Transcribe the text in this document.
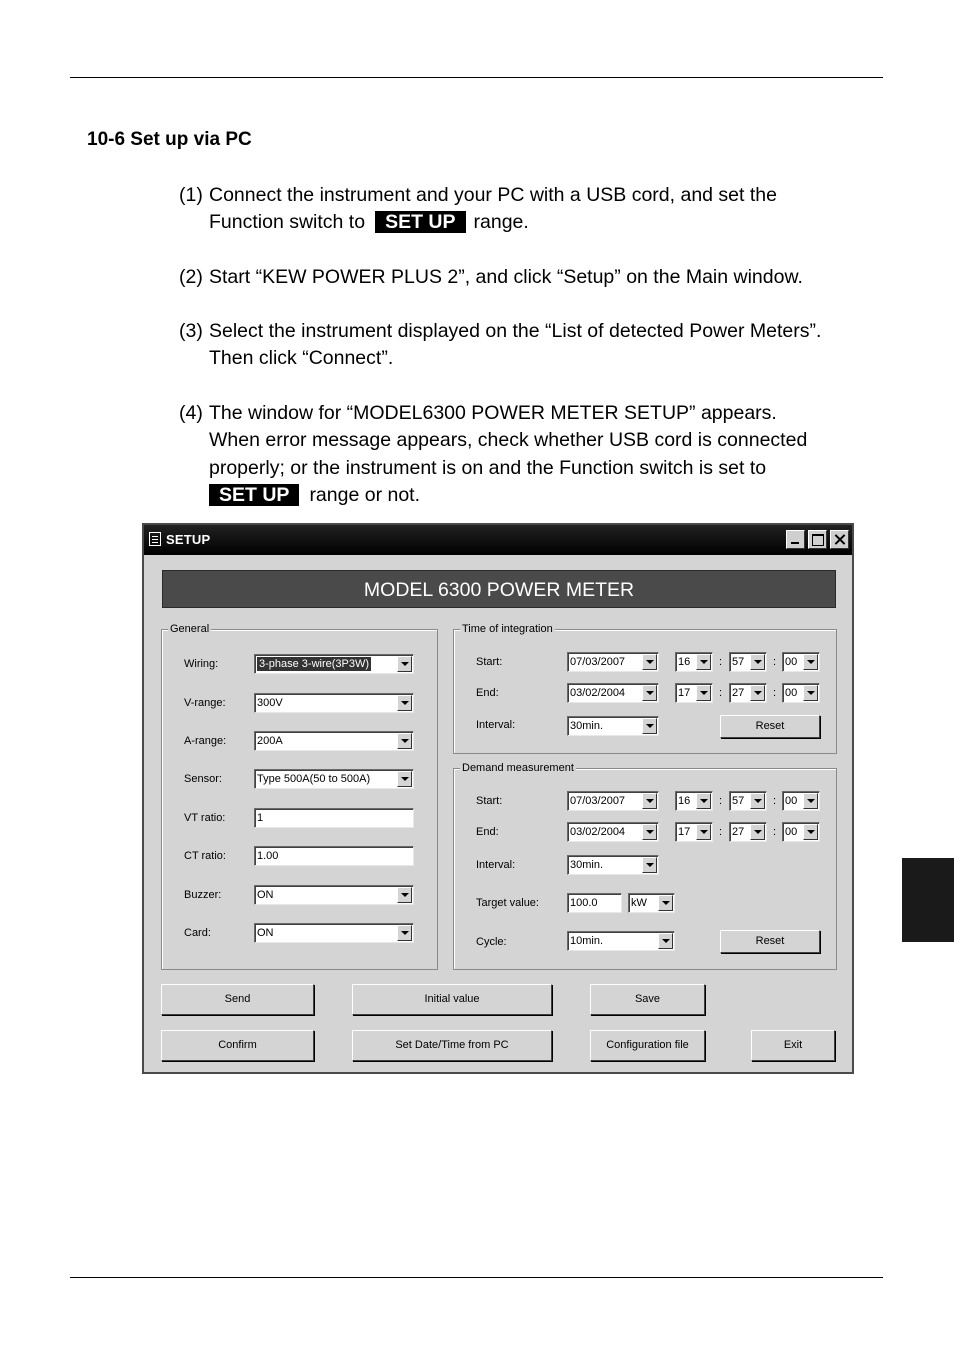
10-6 Set up via PC
(1) Connect the instrument and your PC with a USB cord, and set the
Function switch to SET UP range.
(2) Start “KEW POWER PLUS 2”, and click “Setup” on the Main window.
(3) Select the instrument displayed on the “List of detected Power Meters”.
Then click “Connect”.
(4) The window for “MODEL6300 POWER METER SETUP” appears.
When error message appears, check whether USB cord is connected
properly; or the instrument is on and the Function switch is set to
SET UP range or not.
SETUP
MODEL 6300 POWER METER
General
Wiring:	3-phase 3-wire(3P3W)
V-range:	300V
A-range:	200A
Sensor:	Type 500A(50 to 500A)
VT ratio:	1
CT ratio:	1.00
Buzzer:	ON
Card:	ON
Time of integration
Start:	07/03/2007	16	: 57	: 00
End:	03/02/2004	17	: 27	: 00
Interval:	30min.	Reset
Demand measurement
Start:	07/03/2007	16	: 57	: 00
End:	03/02/2004	17	: 27	: 00
Interval:	30min.
Target value:	100.0	kW
Cycle:	10min.	Reset
Send	Initial value	Save
Confirm	Set Date/Time from PC	Configuration file	Exit
